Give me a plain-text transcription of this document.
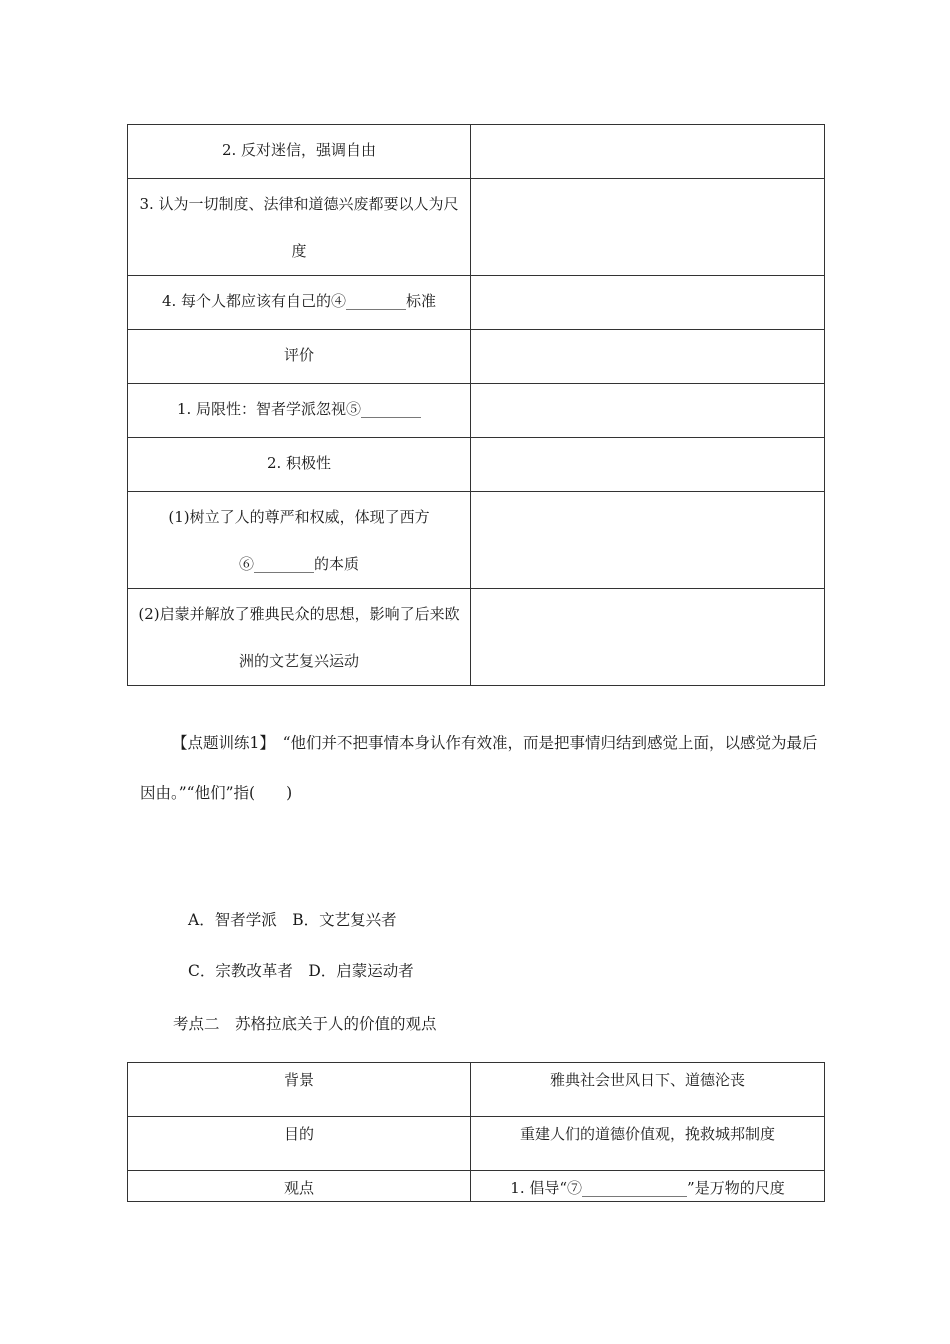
2. 反对迷信，强调自由	
3. 认为一切制度、法律和道德兴废都要以人为尺度	
4. 每个人都应该有自己的④________标准	
评价	
1. 局限性：智者学派忽视⑤________	
2. 积极性	
(1)树立了人的尊严和权威，体现了西方⑥________的本质	
(2)启蒙并解放了雅典民众的思想，影响了后来欧洲的文艺复兴运动	
【点题训练1】　“他们并不把事情本身认作有效准，而是把事情归结到感觉上面，以感觉为最后因由。”“他们”指(　　)
A．智者学派　B．文艺复兴者
C．宗教改革者　D．启蒙运动者
考点二　苏格拉底关于人的价值的观点
背景	雅典社会世风日下、道德沦丧
目的	重建人们的道德价值观，挽救城邦制度
观点	1. 倡导“⑦______________”是万物的尺度
